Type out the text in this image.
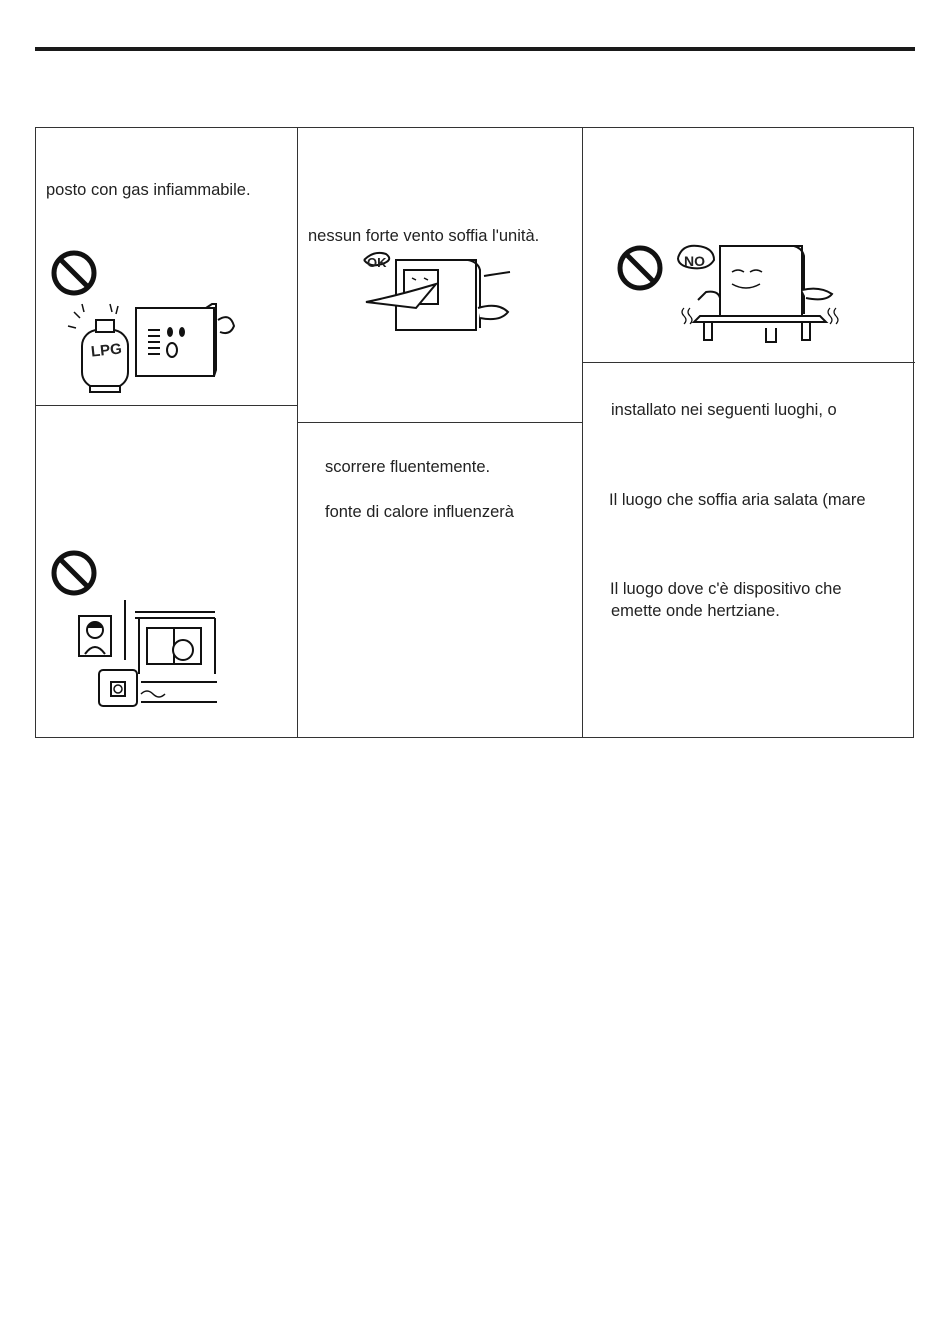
posto con gas infiammabile.
LPG
nessun forte vento soffia l'unità.
OK
scorrere fluentemente.
fonte di calore influenzerà
NO
installato nei seguenti luoghi, o
Il luogo che soffia aria salata (mare
Il luogo dove c'è dispositivo che
emette onde hertziane.
